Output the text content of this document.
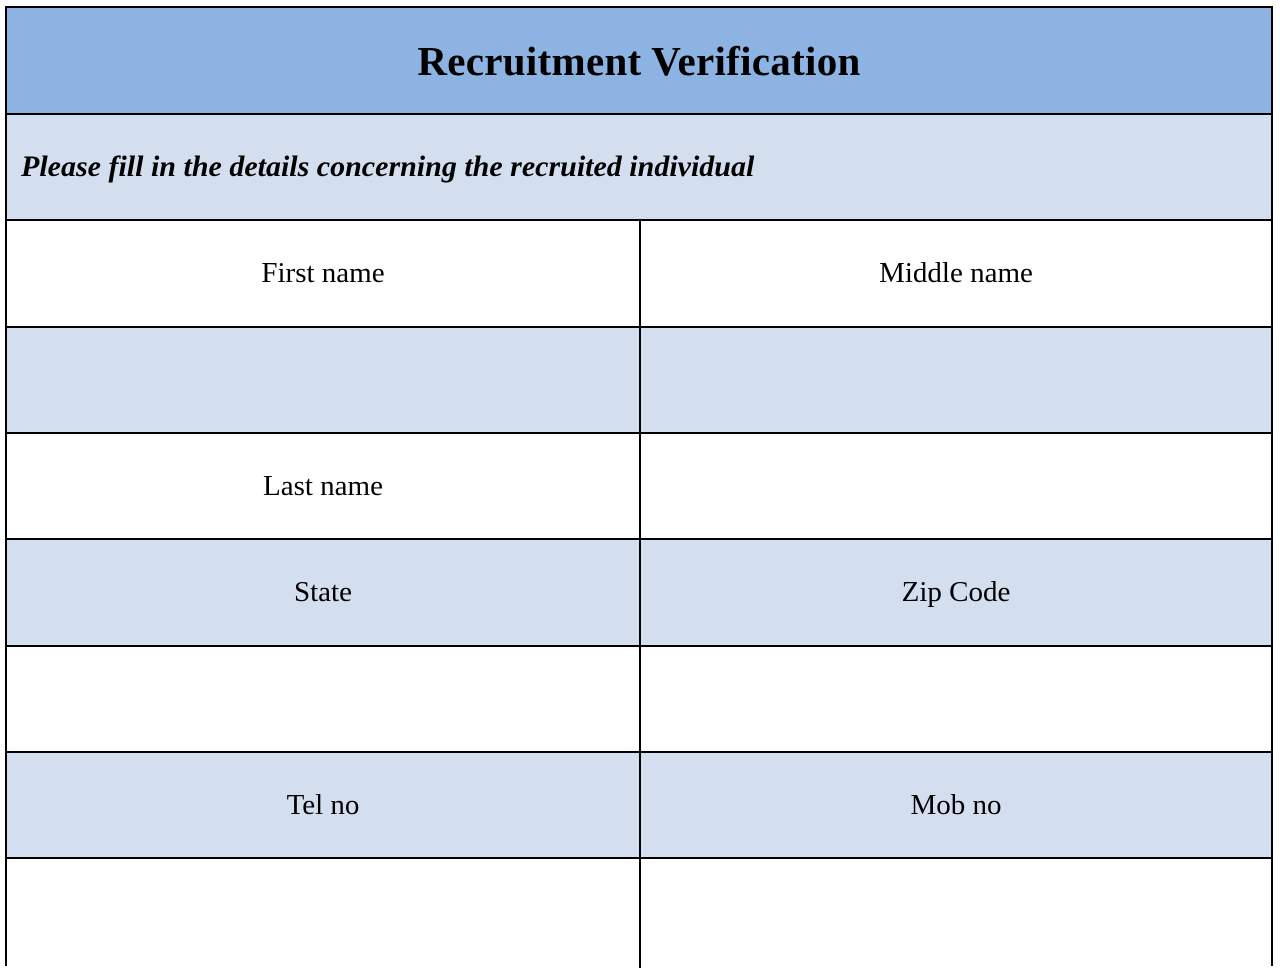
Recruitment Verification
Please fill in the details concerning the recruited individual
First name	Middle name
Last name
State	Zip Code
Tel no	Mob no
